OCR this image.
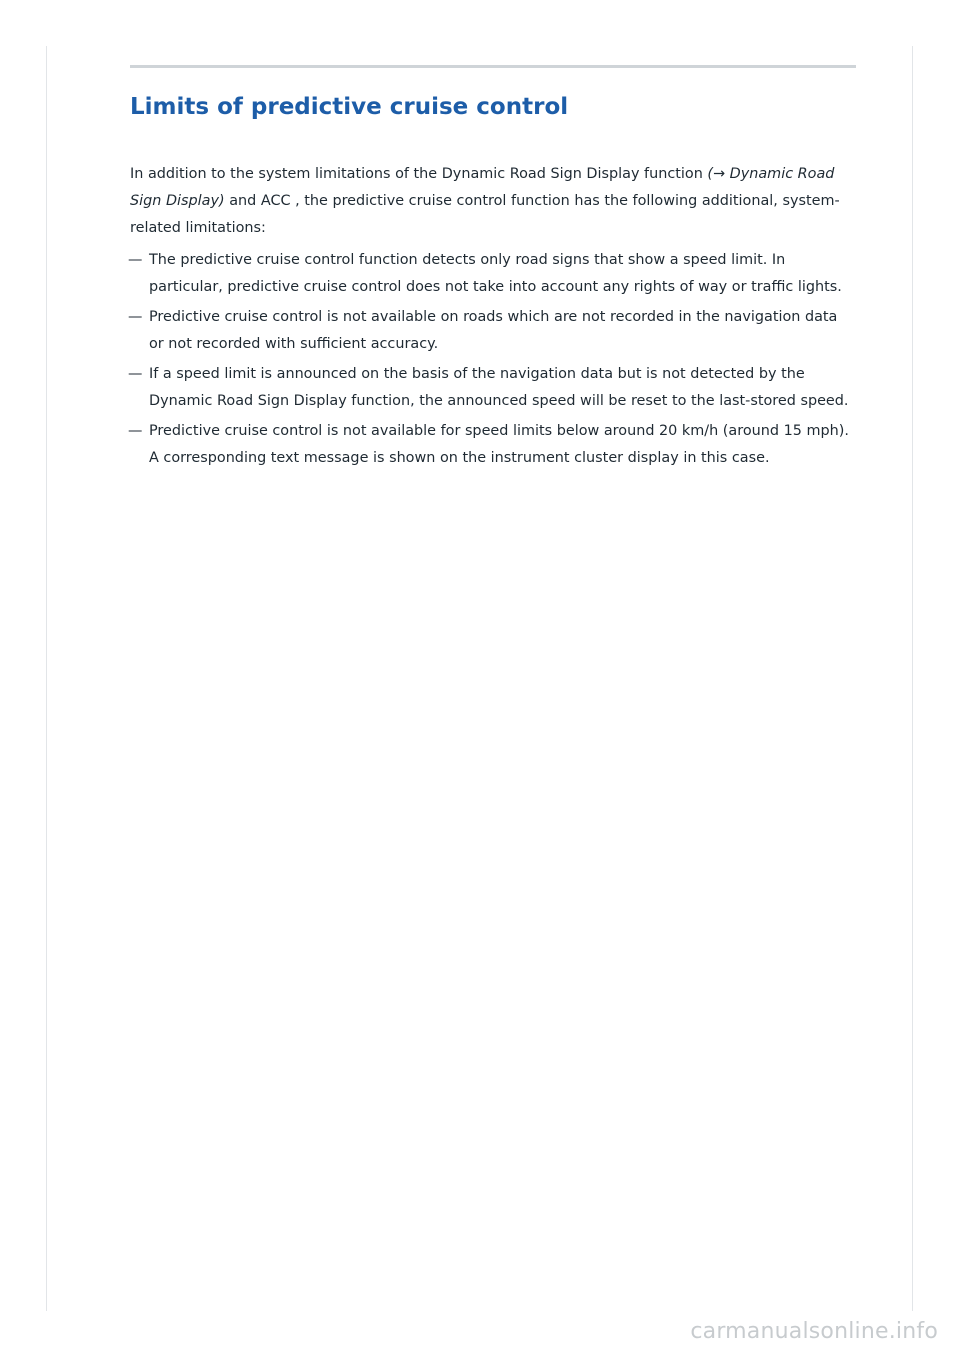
Limits of predictive cruise control

In addition to the system limitations of the Dynamic Road Sign Display function (→ Dynamic Road Sign Display) and ACC , the predictive cruise control function has the following additional, system-related limitations:

— The predictive cruise control function detects only road signs that show a speed limit. In particular, predictive cruise control does not take into account any rights of way or traffic lights.
— Predictive cruise control is not available on roads which are not recorded in the navigation data or not recorded with sufficient accuracy.
— If a speed limit is announced on the basis of the navigation data but is not detected by the Dynamic Road Sign Display function, the announced speed will be reset to the last-stored speed.
— Predictive cruise control is not available for speed limits below around 20 km/h (around 15 mph). A corresponding text message is shown on the instrument cluster display in this case.
carmanualsonline.info
